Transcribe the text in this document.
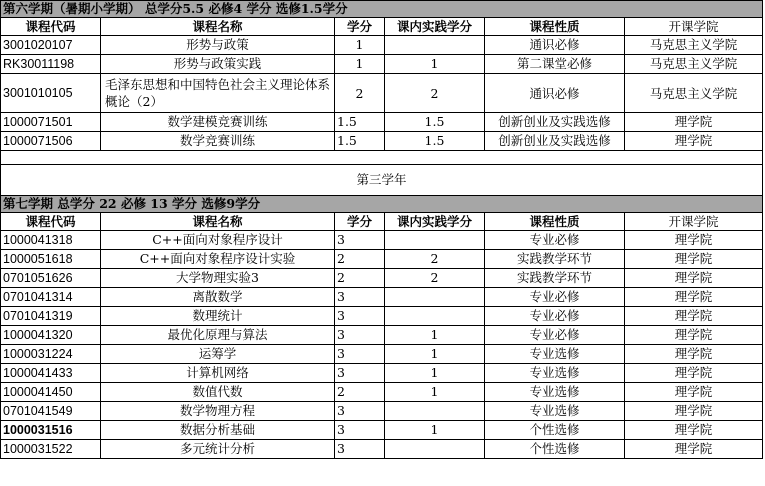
第六学期（暑期小学期） 总学分5.5 必修4 学分 选修1.5学分					
课程代码	课程名称	学分	课内实践学分	课程性质	开课学院
3001020107	形势与政策	1		通识必修	马克思主义学院
RK30011198	形势与政策实践	1	1	第二课堂必修	马克思主义学院
3001010105	毛泽东思想和中国特色社会主义理论体系概论（2）	2	2	通识必修	马克思主义学院
1000071501	数学建模竞赛训练	1.5	1.5	创新创业及实践选修	理学院
1000071506	数学竞赛训练	1.5	1.5	创新创业及实践选修	理学院

第三学年					
第七学期 总学分 22 必修 13 学分 选修9学分					
课程代码	课程名称	学分	课内实践学分	课程性质	开课学院
1000041318	C++面向对象程序设计	3		专业必修	理学院
1000051618	C++面向对象程序设计实验	2	2	实践教学环节	理学院
0701051626	大学物理实验3	2	2	实践教学环节	理学院
0701041314	离散数学	3		专业必修	理学院
0701041319	数理统计	3		专业必修	理学院
1000041320	最优化原理与算法	3	1	专业必修	理学院
1000031224	运筹学	3	1	专业选修	理学院
1000041433	计算机网络	3	1	专业选修	理学院
1000041450	数值代数	2	1	专业选修	理学院
0701041549	数学物理方程	3		专业选修	理学院
1000031516	数据分析基础	3	1	个性选修	理学院
1000031522	多元统计分析	3		个性选修	理学院
